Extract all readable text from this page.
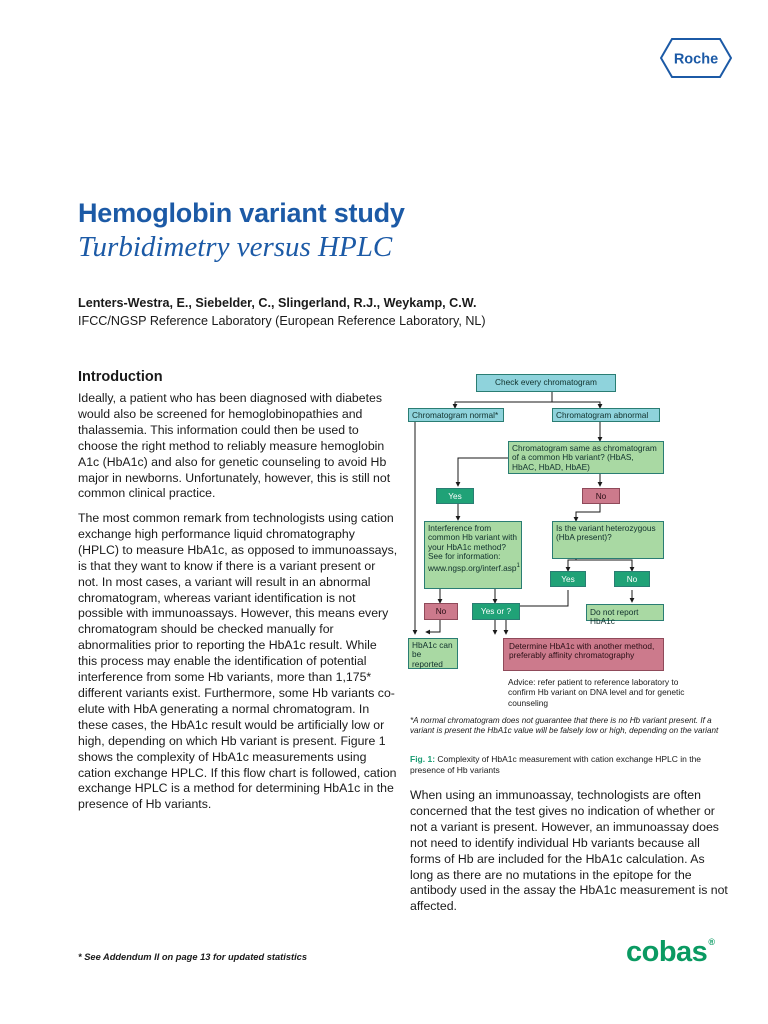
Roche
Hemoglobin variant study
Turbidimetry versus HPLC
Lenters-Westra, E., Siebelder, C., Slingerland, R.J., Weykamp, C.W.
IFCC/NGSP Reference Laboratory (European Reference Laboratory, NL)
Introduction
Ideally, a patient who has been diagnosed with diabetes would also be screened for hemoglobinopathies and thalassemia. This information could then be used to choose the right method to reliably measure hemoglobin A1c (HbA1c) and also for genetic counseling to avoid Hb major in newborns. Unfortunately, however, this is still not common clinical practice.
The most common remark from technologists using cation exchange high performance liquid chromatography (HPLC) to measure HbA1c, as opposed to immunoassays, is that they want to know if there is a variant present or not. In most cases, a variant will result in an abnormal chromatogram, whereas variant identification is not possible with immunoassays. However, this means every chromatogram should be checked manually for abnormalities prior to reporting the HbA1c result. While this process may enable the identification of potential interference from some Hb variants, more than 1,175* different variants exist. Furthermore, some Hb variants co-elute with HbA generating a normal chromatogram. In these cases, the HbA1c result would be artificially low or high, depending on which Hb variant is present. Figure 1 shows the complexity of HbA1c measurements using cation exchange HPLC. If this flow chart is followed, cation exchange HPLC is a method for determining HbA1c in the presence of Hb variants.
Check every chromatogram
Chromatogram normal*	Chromatogram abnormal
Chromatogram same as chromatogram of a common Hb variant? (HbAS, HbAC, HbAD, HbAE)
Yes	No
Interference from common Hb variant with your HbA1c method? See for information: www.ngsp.org/interf.asp$^1$
Is the variant heterozygous (HbA present)?
Yes	No
No	Yes or ?	Do not report HbA1c
HbA1c can be reported
Determine HbA1c with another method, preferably affinity chromatography
Advice: refer patient to reference laboratory to confirm Hb variant on DNA level and for genetic counseling
*A normal chromatogram does not guarantee that there is no Hb variant present. If a variant is present the HbA1c value will be falsely low or high, depending on the variant
Fig. 1: Complexity of HbA1c measurement with cation exchange HPLC in the presence of Hb variants
When using an immunoassay, technologists are often concerned that the test gives no indication of whether or not a variant is present. However, an immunoassay does not need to identify individual Hb variants because all forms of Hb are included for the HbA1c calculation. As long as there are no mutations in the epitope for the antibody used in the assay the HbA1c measurement is not affected.
* See Addendum II on page 13 for updated statistics	cobas®
